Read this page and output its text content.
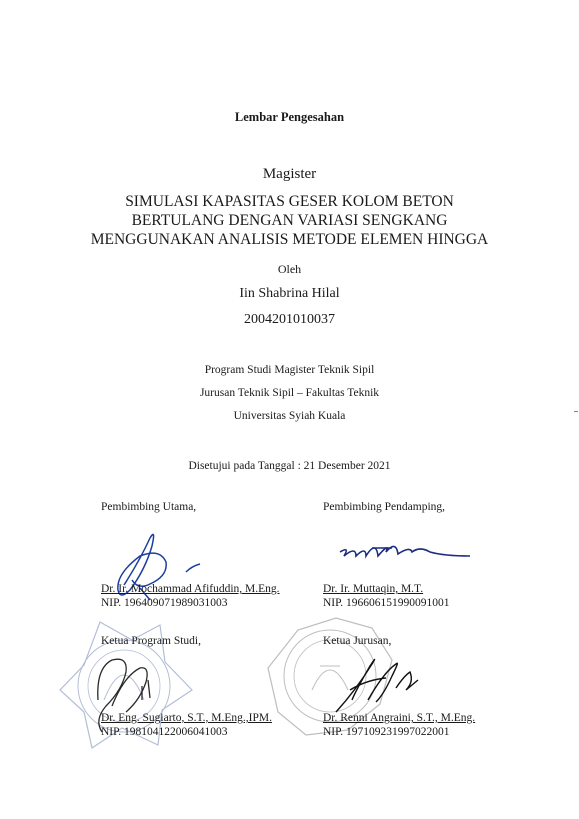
Lembar Pengesahan
Magister
SIMULASI KAPASITAS GESER KOLOM BETON
BERTULANG DENGAN VARIASI SENGKANG
MENGGUNAKAN ANALISIS METODE ELEMEN HINGGA
Oleh
Iin Shabrina Hilal
2004201010037
Program Studi Magister Teknik Sipil
Jurusan Teknik Sipil – Fakultas Teknik
Universitas Syiah Kuala
Disetujui pada Tanggal : 21 Desember 2021
Pembimbing Utama,	Pembimbing Pendamping,
Dr. Ir. Mochammad Afifuddin, M.Eng.
NIP. 196409071989031003
Dr. Ir. Muttaqin, M.T.
NIP. 196606151990091001
Ketua Program Studi,	Ketua Jurusan,
Dr. Eng. Sugiarto, S.T., M.Eng.,IPM.
NIP. 198104122006041003
Dr. Renni Angraini, S.T., M.Eng.
NIP. 197109231997022001
